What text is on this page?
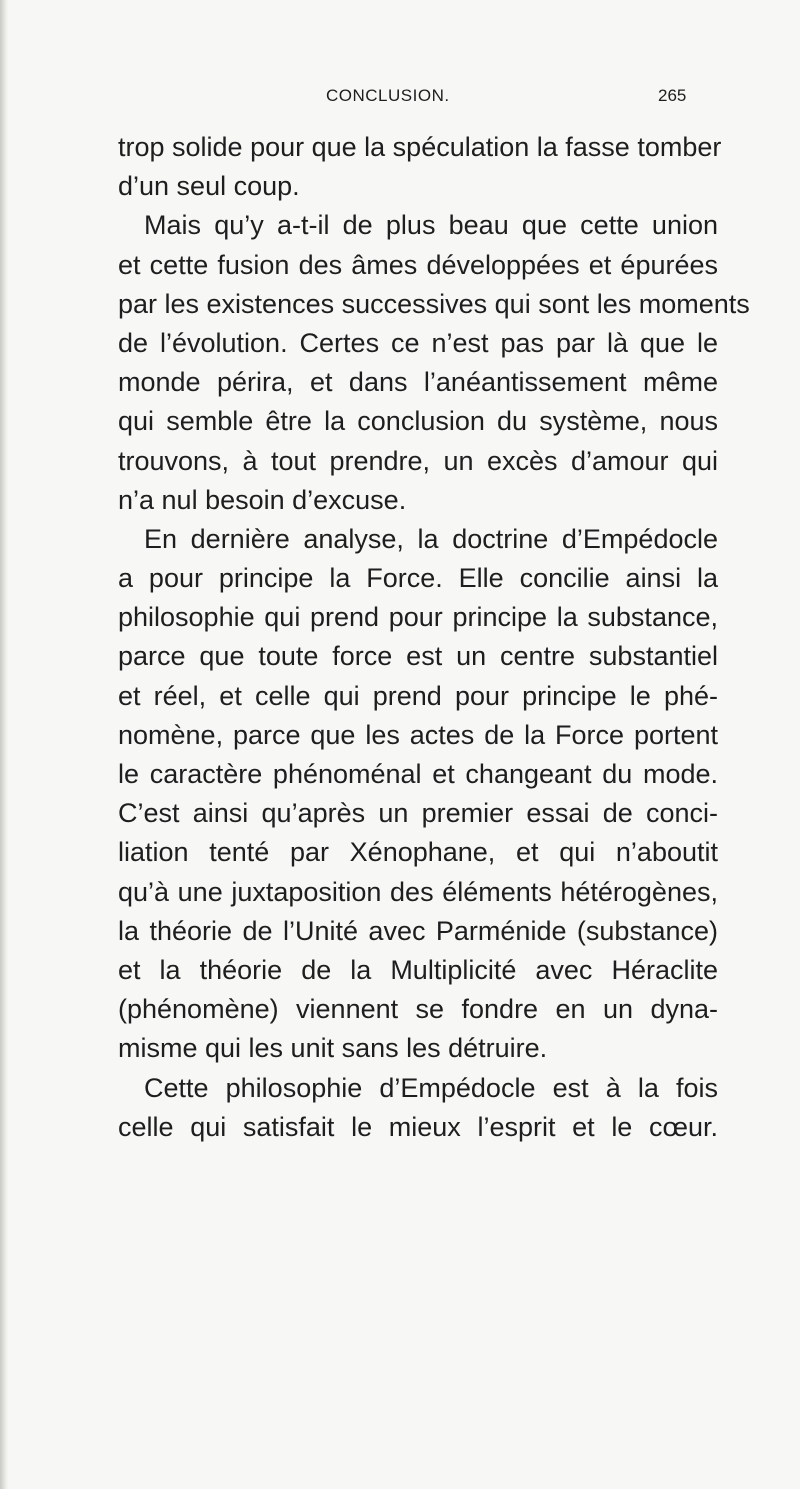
CONCLUSION.	265
trop solide pour que la spéculation la fasse tomber
d’un seul coup.
Mais qu’y a-t-il de plus beau que cette union
et cette fusion des âmes développées et épurées
par les existences successives qui sont les moments
de l’évolution. Certes ce n’est pas par là que le
monde périra, et dans l’anéantissement même
qui semble être la conclusion du système, nous
trouvons, à tout prendre, un excès d’amour qui
n’a nul besoin d’excuse.
En dernière analyse, la doctrine d’Empédocle
a pour principe la Force. Elle concilie ainsi la
philosophie qui prend pour principe la substance,
parce que toute force est un centre substantiel
et réel, et celle qui prend pour principe le phé-
nomène, parce que les actes de la Force portent
le caractère phénoménal et changeant du mode.
C’est ainsi qu’après un premier essai de conci-
liation tenté par Xénophane, et qui n’aboutit
qu’à une juxtaposition des éléments hétérogènes,
la théorie de l’Unité avec Parménide (substance)
et la théorie de la Multiplicité avec Héraclite
(phénomène) viennent se fondre en un dyna-
misme qui les unit sans les détruire.
Cette philosophie d’Empédocle est à la fois
celle qui satisfait le mieux l’esprit et le cœur.
